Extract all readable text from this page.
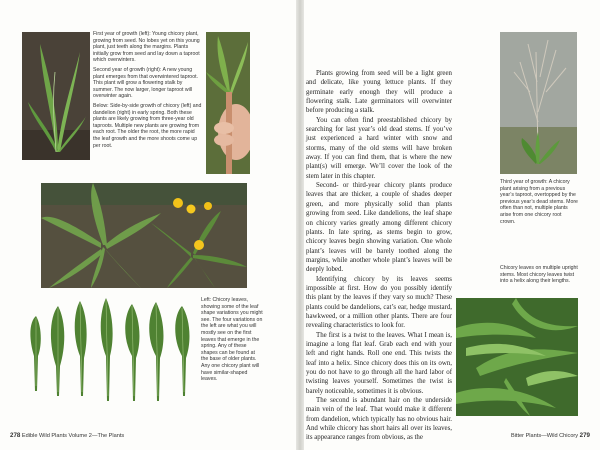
First year of growth (left): Young chicory plant, growing from seed. No lobes yet on this young plant, just teeth along the margins. Plants initially grow from seed and lay down a taproot which overwinters.

Second year of growth (right): A new young plant emerges from that overwintered taproot. This plant will grow a flowering stalk by summer. The now larger, longer taproot will overwinter again.

Below: Side-by-side growth of chicory (left) and dandelion (right) in early spring. Both these plants are likely growing from three-year old taproots. Multiple new plants are growing from each root. The older the root, the more rapid the leaf growth and the more shoots come up per root.

Left: Chicory leaves, showing some of the leaf shape variations you might see. The four variations on the left are what you will mostly see on the first leaves that emerge in the spring. Any of these shapes can be found at the base of older plants. Any one chicory plant will have similar-shaped leaves.

Plants growing from seed will be a light green and delicate, like young lettuce plants. If they germinate early enough they will produce a flowering stalk. Late germinators will overwinter before producing a stalk.

You can often find preestablished chicory by searching for last year’s old dead stems. If you’ve just experienced a hard winter with snow and storms, many of the old stems will have broken away. If you can find them, that is where the new plant(s) will emerge. We’ll cover the look of the stem later in this chapter.

Second- or third-year chicory plants produce leaves that are thicker, a couple of shades deeper green, and more physically solid than plants growing from seed. Like dandelions, the leaf shape on chicory varies greatly among different chicory plants. In late spring, as stems begin to grow, chicory leaves begin showing variation. One whole plant’s leaves will be barely toothed along the margins, while another whole plant’s leaves will be deeply lobed.

Identifying chicory by its leaves seems impossible at first. How do you possibly identify this plant by the leaves if they vary so much? These plants could be dandelions, cat’s ear, hedge mustard, hawkweed, or a million other plants. There are four revealing characteristics to look for.

The first is a twist to the leaves. What I mean is, imagine a long flat leaf. Grab each end with your left and right hands. Roll one end. This twists the leaf into a helix. Since chicory does this on its own, you do not have to go through all the hard labor of twisting leaves yourself. Sometimes the twist is barely noticeable, sometimes it is obvious.

The second is abundant hair on the underside main vein of the leaf. That would make it different from dandelion, which typically has no obvious hair. And while chicory has short hairs all over its leaves, its appearance ranges from obvious, as the

Third year of growth: A chicory plant arising from a previous year’s taproot, overtopped by the previous year’s dead stems. More often than not, multiple plants arise from one chicory root crown.
Chicory leaves on multiple upright stems. Most chicory leaves twist into a helix along their lengths.
278 Edible Wild Plants Volume 2—The Plants	Bitter Plants—Wild Chicory 279
